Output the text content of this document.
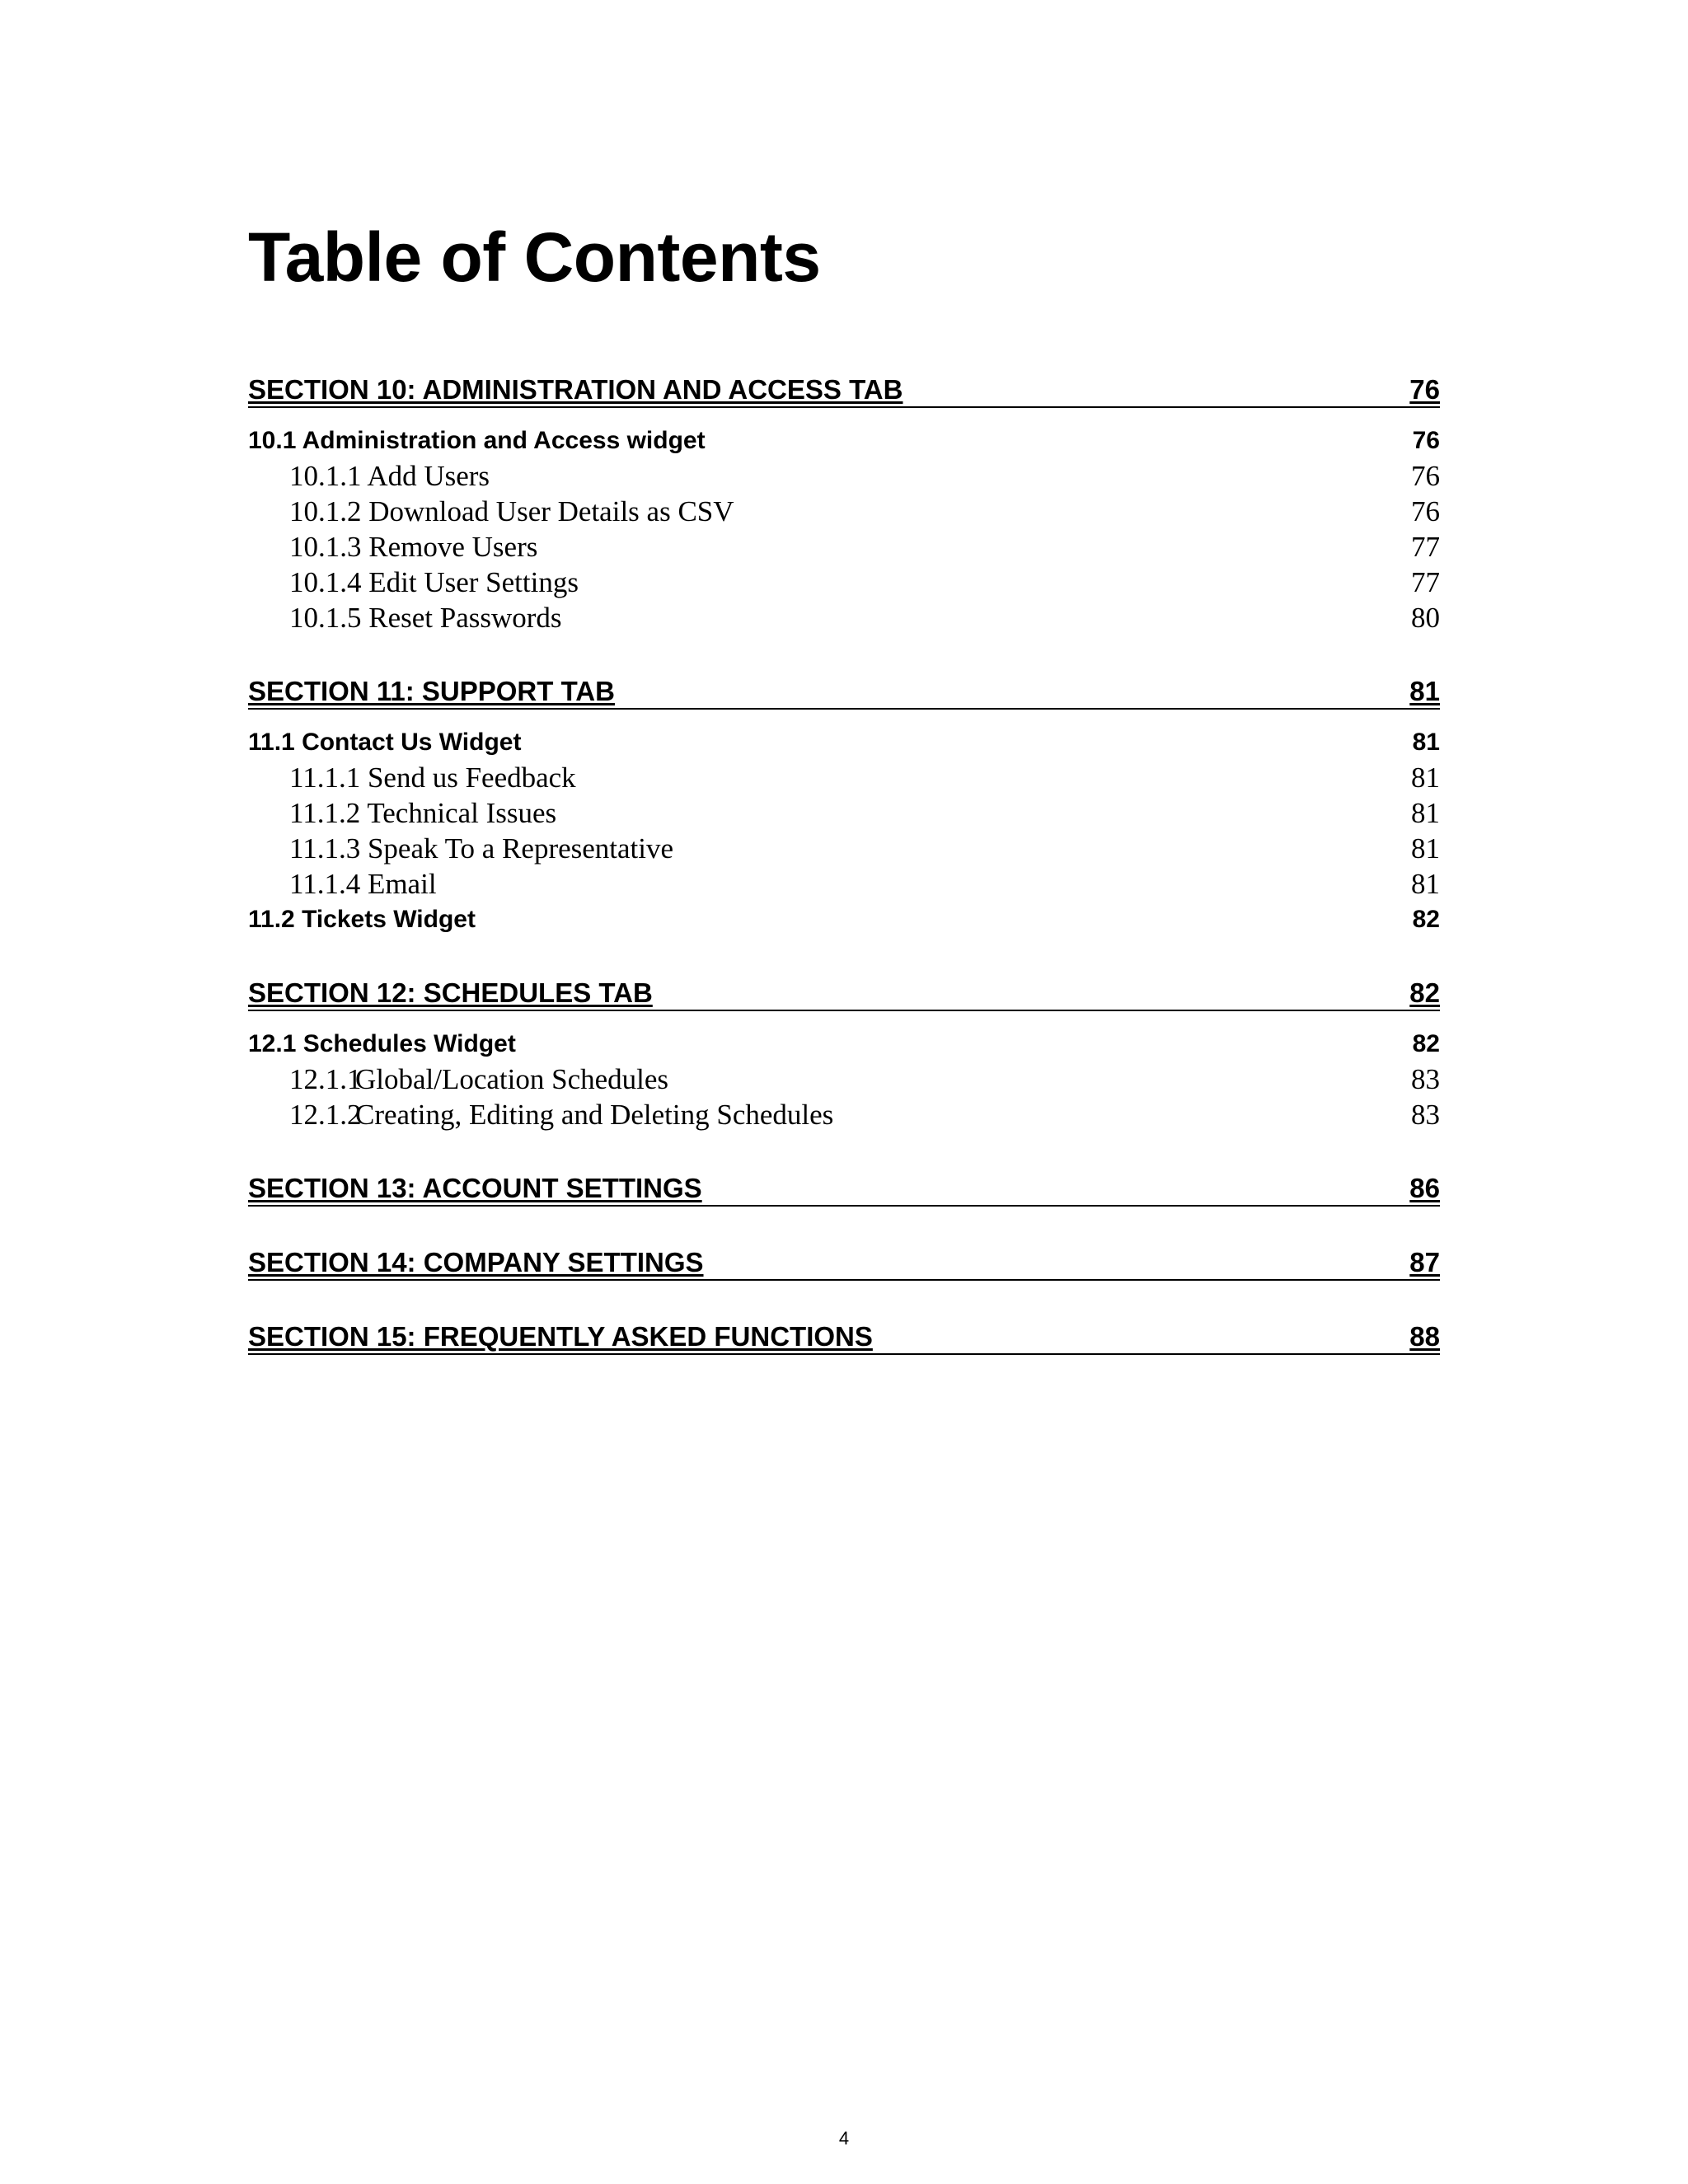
Table of Contents
SECTION 10: ADMINISTRATION AND ACCESS TAB	76
10.1 Administration and Access widget	76
10.1.1 Add Users	76
10.1.2 Download User Details as CSV	76
10.1.3 Remove Users	77
10.1.4 Edit User Settings	77
10.1.5 Reset Passwords	80
SECTION 11: SUPPORT TAB	81
11.1 Contact Us Widget	81
11.1.1 Send us Feedback	81
11.1.2 Technical Issues	81
11.1.3 Speak To a Representative	81
11.1.4 Email	81
11.2 Tickets Widget	82
SECTION 12: SCHEDULES TAB	82
12.1 Schedules Widget	82
12.1.1Global/Location Schedules	83
12.1.2Creating, Editing and Deleting Schedules	83
SECTION 13: ACCOUNT SETTINGS	86
SECTION 14: COMPANY SETTINGS	87
SECTION 15: FREQUENTLY ASKED FUNCTIONS	88
4
